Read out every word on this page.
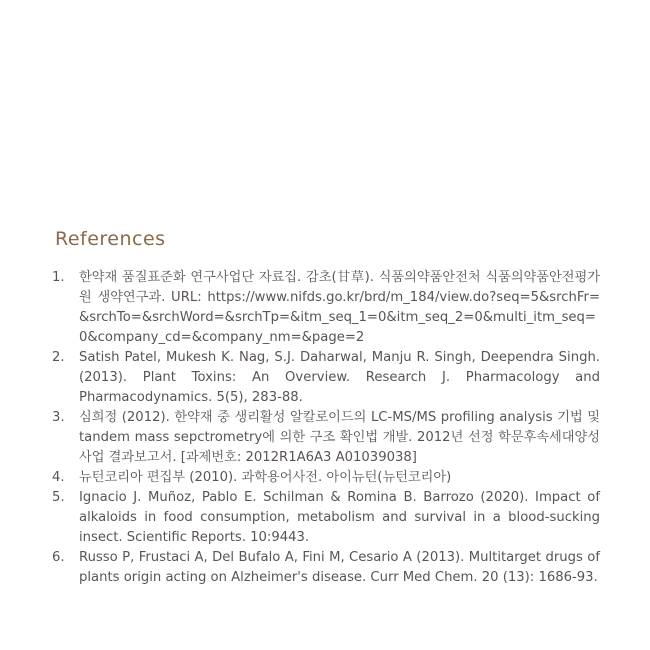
References
1. 한약재 품질표준화 연구사업단 자료집. 감초(甘草). 식품의약품안전처 식품의약품안전평가원 생약연구과. URL: https://www.nifds.go.kr/brd/m_184/view.do?seq=5&srchFr=&srchTo=&srchWord=&srchTp=&itm_seq_1=0&itm_seq_2=0&multi_itm_seq=0&company_cd=&company_nm=&page=2
2. Satish Patel, Mukesh K. Nag, S.J. Daharwal, Manju R. Singh, Deependra Singh. (2013). Plant Toxins: An Overview. Research J. Pharmacology and Pharmacodynamics. 5(5), 283-88.
3. 심희정 (2012). 한약재 중 생리활성 알칼로이드의 LC-MS/MS profiling analysis 기법 및 tandem mass sepctrometry에 의한 구조 확인법 개발. 2012년 선정 학문후속세대양성사업 결과보고서. [과제번호: 2012R1A6A3 A01039038]
4. 뉴턴코리아 편집부 (2010). 과학용어사전. 아이뉴턴(뉴턴코리아)
5. Ignacio J. Muñoz, Pablo E. Schilman & Romina B. Barrozo (2020). Impact of alkaloids in food consumption, metabolism and survival in a blood-sucking insect. Scientific Reports. 10:9443.
6. Russo P, Frustaci A, Del Bufalo A, Fini M, Cesario A (2013). Multitarget drugs of plants origin acting on Alzheimer's disease. Curr Med Chem. 20 (13): 1686-93.
